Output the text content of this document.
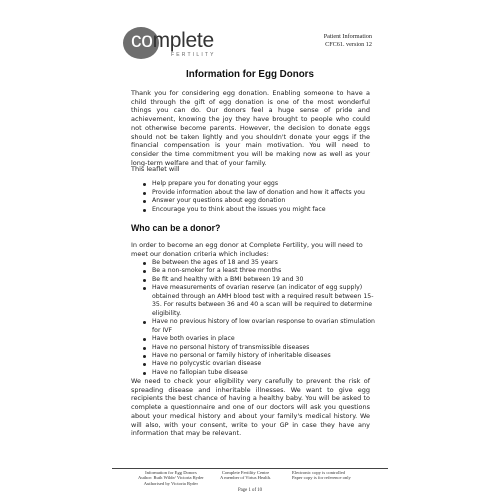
complete
FERTILITY
Patient Information
CFC61. version 12
Information for Egg Donors

Thank you for considering egg donation. Enabling someone to have a child through the gift of egg donation is one of the most wonderful things you can do. Our donors feel a huge sense of pride and achievement, knowing the joy they have brought to people who could not otherwise become parents. However, the decision to donate eggs should not be taken lightly and you shouldn't donate your eggs if the financial compensation is your main motivation. You will need to consider the time commitment you will be making now as well as your long-term welfare and that of your family.

This leaflet will

Help prepare you for donating your eggs
Provide information about the law of donation and how it affects you
Answer your questions about egg donation
Encourage you to think about the issues you might face
Who can be a donor?

In order to become an egg donor at Complete Fertility, you will need to meet our donation criteria which includes:

Be between the ages of 18 and 35 years
Be a non-smoker for a least three months
Be fit and healthy with a BMI between 19 and 30
Have measurements of ovarian reserve (an indicator of egg supply) obtained through an AMH blood test with a required result between 15-35. For results between 36 and 40 a scan will be required to determine eligibility.
Have no previous history of low ovarian response to ovarian stimulation for IVF
Have both ovaries in place
Have no personal history of transmissible diseases
Have no personal or family history of inheritable diseases
Have no polycystic ovarian disease
Have no fallopian tube disease

We need to check your eligibility very carefully to prevent the risk of spreading disease and inheritable illnesses. We want to give egg recipients the best chance of having a healthy baby. You will be asked to complete a questionnaire and one of our doctors will ask you questions about your medical history and about your family's medical history. We will also, with your consent, write to your GP in case they have any information that may be relevant.

Information for Egg Donors
Author: Ruth Wilde/ Victoria Ryder
Authorised by Victoria Ryder
Complete Fertility Centre
A member of Virtus Health.
Electronic copy is controlled
Paper copy is for reference only
Page 1 of 10
